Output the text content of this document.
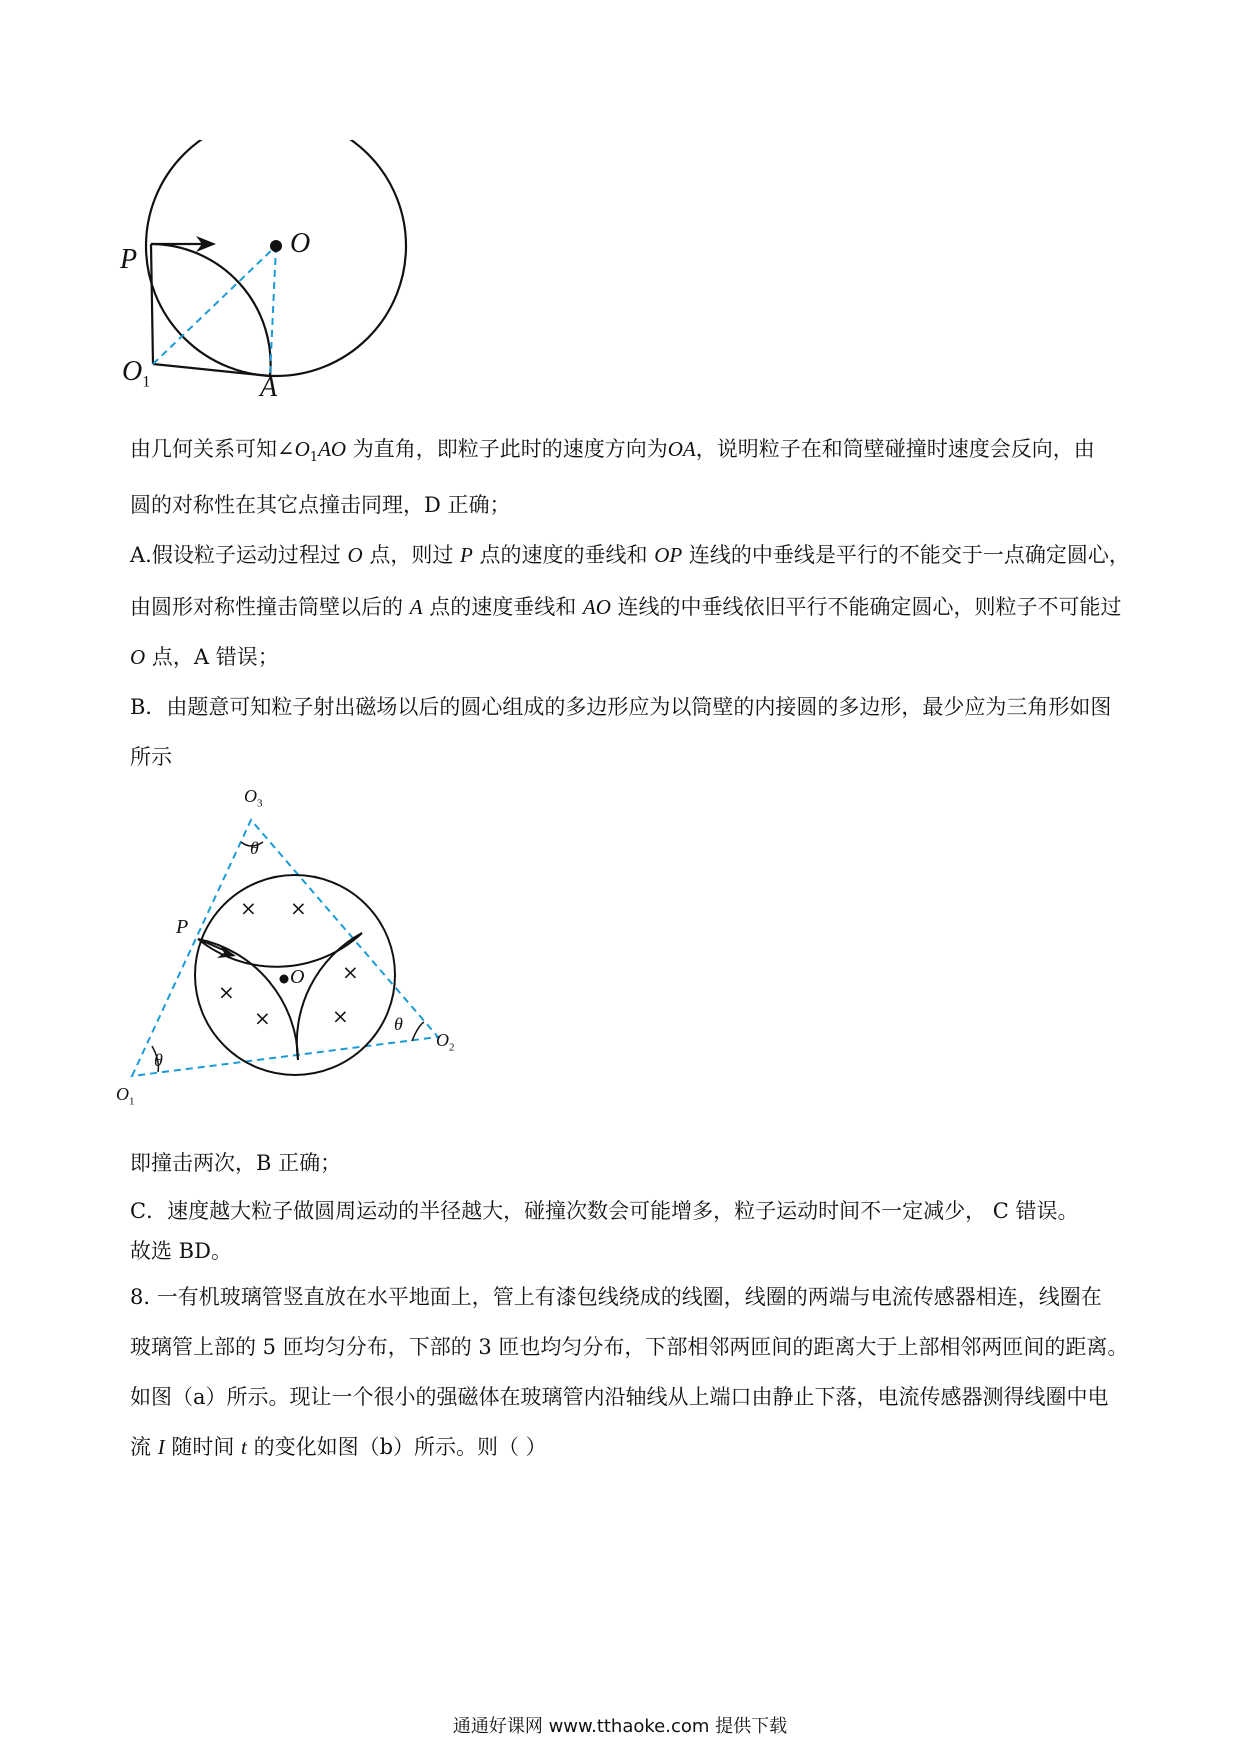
P
O
$O_1$	A
由几何关系可知$\angle O_1AO$ 为直角，即粒子此时的速度方向为OA，说明粒子在和筒壁碰撞时速度会反向，由
圆的对称性在其它点撞击同理，D 正确；
A.假设粒子运动过程过 O 点，则过 P 点的速度的垂线和 OP 连线的中垂线是平行的不能交于一点确定圆心，
由圆形对称性撞击筒壁以后的 A 点的速度垂线和 AO 连线的中垂线依旧平行不能确定圆心，则粒子不可能过
O 点，A 错误；
B．由题意可知粒子射出磁场以后的圆心组成的多边形应为以筒壁的内接圆的多边形，最少应为三角形如图
所示
$O_3$
θ
P
O
× ×
×
×
×
×	θ
$O_2$
θ
$O_1$
即撞击两次，B 正确；
C．速度越大粒子做圆周运动的半径越大，碰撞次数会可能增多，粒子运动时间不一定减少， C 错误。
故选 BD。
8. 一有机玻璃管竖直放在水平地面上，管上有漆包线绕成的线圈，线圈的两端与电流传感器相连，线圈在
玻璃管上部的 5 匝均匀分布，下部的 3 匝也均匀分布，下部相邻两匝间的距离大于上部相邻两匝间的距离。
如图（a）所示。现让一个很小的强磁体在玻璃管内沿轴线从上端口由静止下落，电流传感器测得线圈中电
流 I 随时间 t 的变化如图（b）所示。则（ ）
通通好课网 www.tthaoke.com 提供下载
